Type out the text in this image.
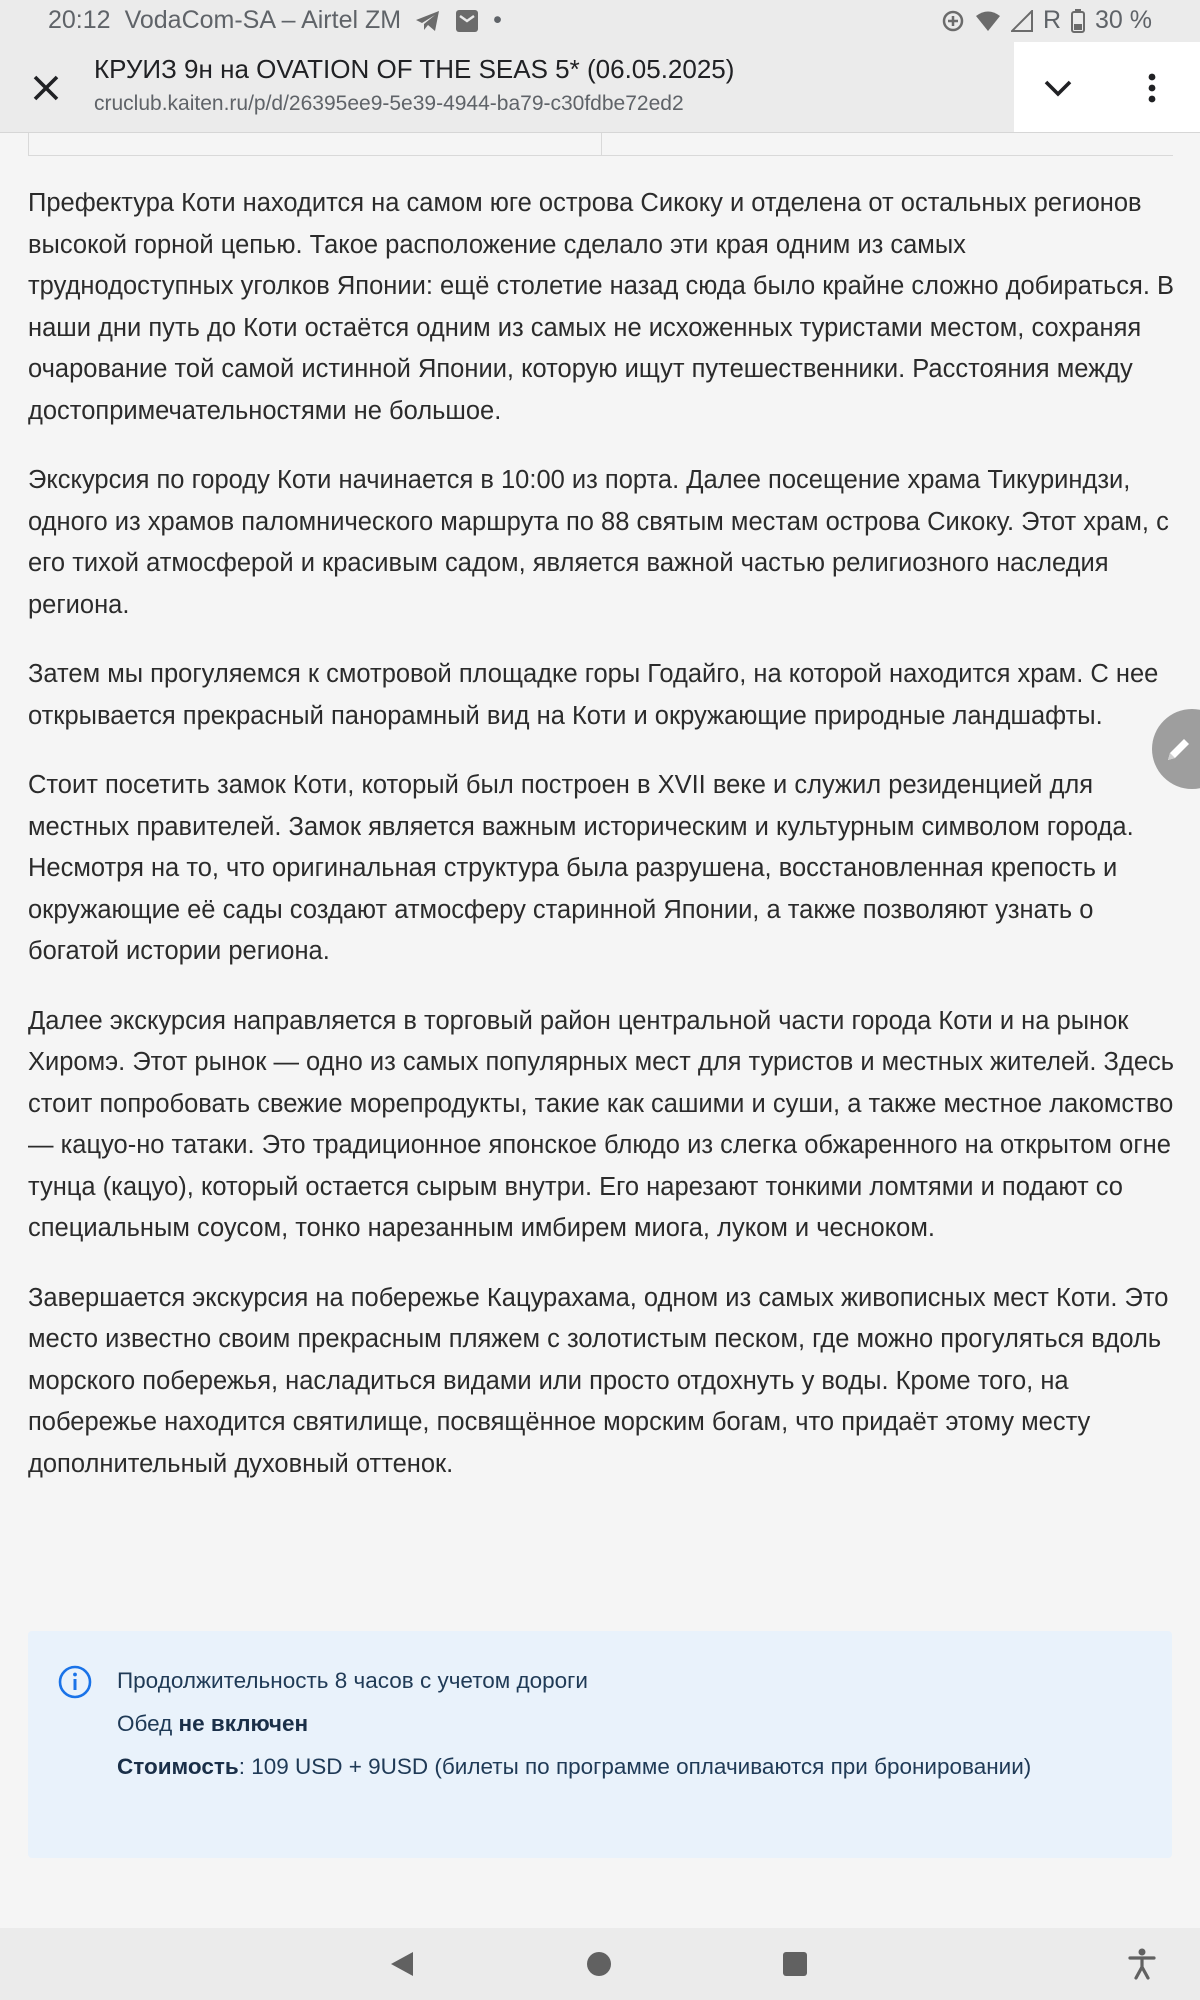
20:12 VodaCom-SA – Airtel ZM	•	R 30 %
КРУИЗ 9н на OVATION OF THE SEAS 5* (06.05.2025)
cruclub.kaiten.ru/p/d/26395ee9-5e39-4944-ba79-c30fdbe72ed2

Префектура Коти находится на самом юге острова Сикоку и отделена от остальных регионов высокой горной цепью. Такое расположение сделало эти края одним из самых труднодоступных уголков Японии: ещё столетие назад сюда было крайне сложно добираться. В наши дни путь до Коти остаётся одним из самых не исхоженных туристами местом, сохраняя очарование той самой истинной Японии, которую ищут путешественники. Расстояния между достопримечательностями не большое.

Экскурсия по городу Коти начинается в 10:00 из порта. Далее посещение храма Тикуриндзи, одного из храмов паломнического маршрута по 88 святым местам острова Сикоку. Этот храм, с его тихой атмосферой и красивым садом, является важной частью религиозного наследия региона.

Затем мы прогуляемся к смотровой площадке горы Годайго, на которой находится храм. С нее открывается прекрасный панорамный вид на Коти и окружающие природные ландшафты.

Стоит посетить замок Коти, который был построен в XVII веке и служил резиденцией для местных правителей. Замок является важным историческим и культурным символом города. Несмотря на то, что оригинальная структура была разрушена, восстановленная крепость и окружающие её сады создают атмосферу старинной Японии, а также позволяют узнать о богатой истории региона.

Далее экскурсия направляется в торговый район центральной части города Коти и на рынок Хиромэ. Этот рынок — одно из самых популярных мест для туристов и местных жителей. Здесь стоит попробовать свежие морепродукты, такие как сашими и суши, а также местное лакомство — кацуо-но татаки. Это традиционное японское блюдо из слегка обжаренного на открытом огне тунца (кацуо), который остается сырым внутри. Его нарезают тонкими ломтями и подают со специальным соусом, тонко нарезанным имбирем миога, луком и чесноком.

Завершается экскурсия на побережье Кацурахама, одном из самых живописных мест Коти. Это место известно своим прекрасным пляжем с золотистым песком, где можно прогуляться вдоль морского побережья, насладиться видами или просто отдохнуть у воды. Кроме того, на побережье находится святилище, посвящённое морским богам, что придаёт этому месту дополнительный духовный оттенок.

Продолжительность 8 часов с учетом дороги
Обед не включен
Стоимость: 109 USD + 9USD (билеты по программе оплачиваются при бронировании)
